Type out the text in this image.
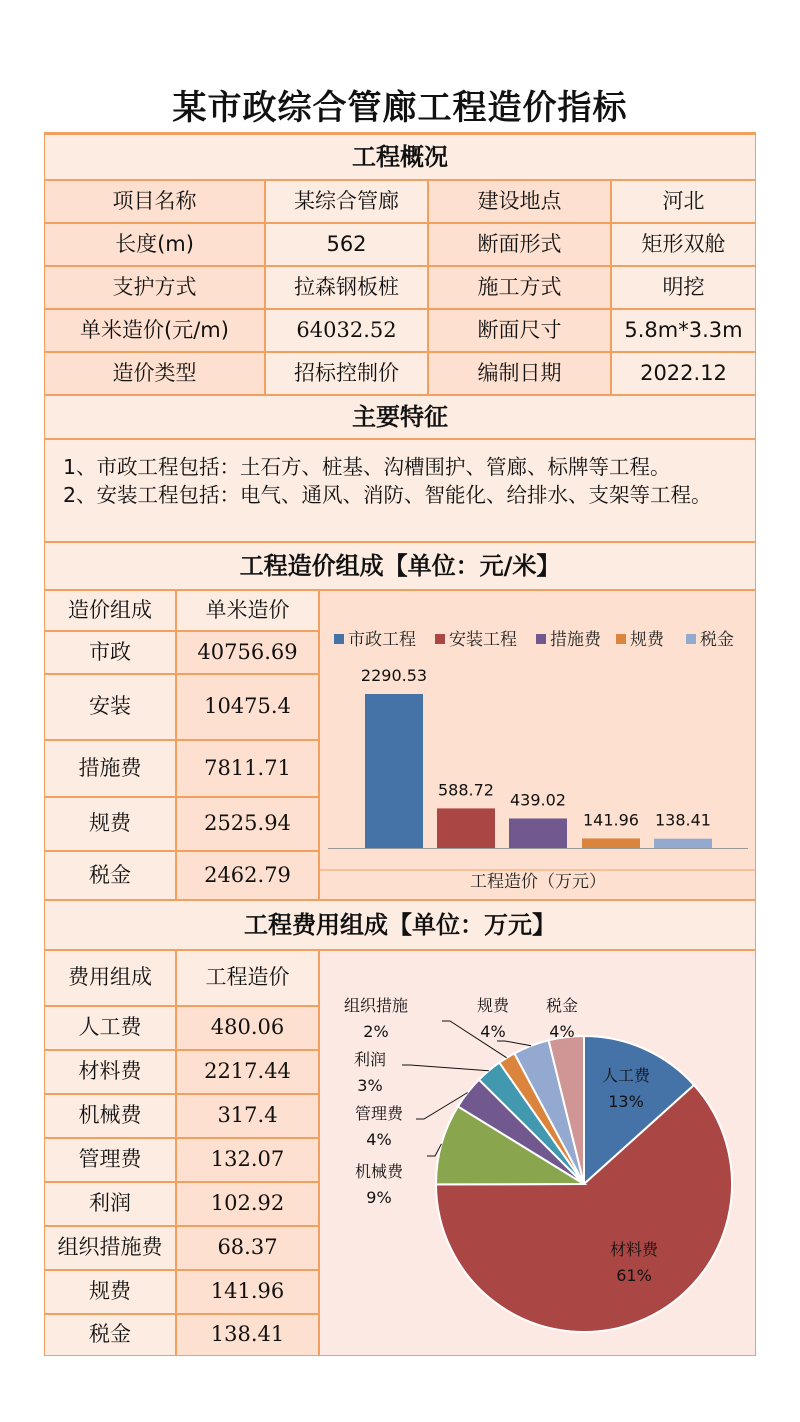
某市政综合管廊工程造价指标
工程概况
项目名称	某综合管廊	建设地点	河北
长度(m)	562	断面形式	矩形双舱
支护方式	拉森钢板桩	施工方式	明挖
单米造价(元/m)	64032.52	断面尺寸	5.8m*3.3m
造价类型	招标控制价	编制日期	2022.12
主要特征
1、市政工程包括：土石方、桩基、沟槽围护、管廊、标牌等工程。
2、安装工程包括：电气、通风、消防、智能化、给排水、支架等工程。
工程造价组成【单位：元/米】
造价组成	单米造价
市政	40756.69
安装	10475.4
措施费	7811.71
规费	2525.94
税金	2462.79
市政工程 安装工程 措施费 规费 税金
2290.53
588.72
439.02
141.96 138.41
工程造价（万元）
工程费用组成【单位：万元】
费用组成	工程造价
人工费	480.06
材料费	2217.44
机械费	317.4
管理费	132.07
利润	102.92
组织措施费	68.37
规费	141.96
税金	138.41
人工费
13%
材料费
61%
机械费
9%
管理费
4%
利润
3%
组织措施
2%
规费
4%
税金
4%
